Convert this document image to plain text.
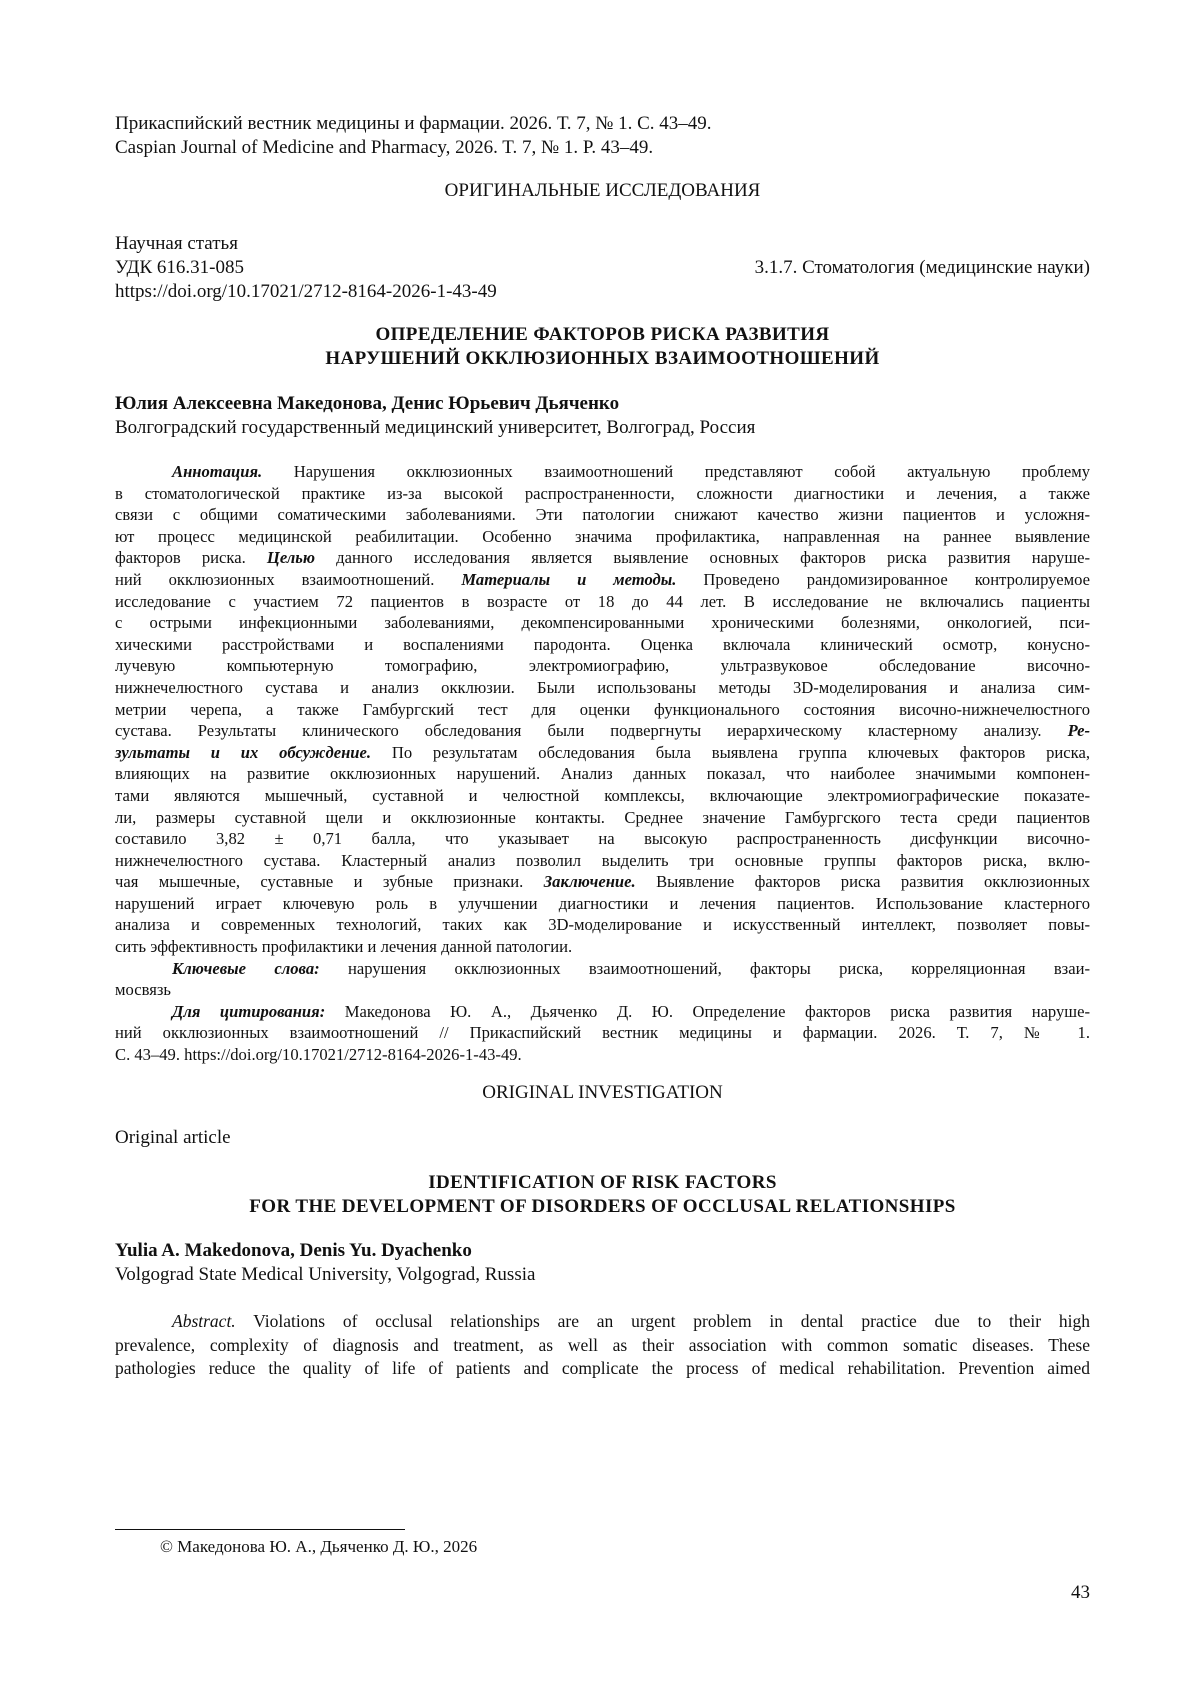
Прикаспийский вестник медицины и фармации. 2026. Т. 7, № 1. С. 43–49.
Caspian Journal of Medicine and Pharmacy, 2026. T. 7, № 1. P. 43–49.
ОРИГИНАЛЬНЫЕ ИССЛЕДОВАНИЯ
Научная статья
УДК 616.31-085	3.1.7. Стоматология (медицинские науки)
https://doi.org/10.17021/2712-8164-2026-1-43-49
ОПРЕДЕЛЕНИЕ ФАКТОРОВ РИСКА РАЗВИТИЯ
НАРУШЕНИЙ ОККЛЮЗИОННЫХ ВЗАИМООТНОШЕНИЙ
Юлия Алексеевна Македонова, Денис Юрьевич Дьяченко
Волгоградский государственный медицинский университет, Волгоград, Россия
Аннотация. Нарушения окклюзионных взаимоотношений представляют собой актуальную проблему
в стоматологической практике из-за высокой распространенности, сложности диагностики и лечения, а также
связи с общими соматическими заболеваниями. Эти патологии снижают качество жизни пациентов и усложня-
ют процесс медицинской реабилитации. Особенно значима профилактика, направленная на раннее выявление
факторов риска. Целью данного исследования является выявление основных факторов риска развития наруше-
ний окклюзионных взаимоотношений. Материалы и методы. Проведено рандомизированное контролируемое
исследование с участием 72 пациентов в возрасте от 18 до 44 лет. В исследование не включались пациенты
с острыми инфекционными заболеваниями, декомпенсированными хроническими болезнями, онкологией, пси-
хическими расстройствами и воспалениями пародонта. Оценка включала клинический осмотр, конусно-
лучевую компьютерную томографию, электромиографию, ультразвуковое обследование височно-
нижнечелюстного сустава и анализ окклюзии. Были использованы методы 3D-моделирования и анализа сим-
метрии черепа, а также Гамбургский тест для оценки функционального состояния височно-нижнечелюстного
сустава. Результаты клинического обследования были подвергнуты иерархическому кластерному анализу. Ре-
зультаты и их обсуждение. По результатам обследования была выявлена группа ключевых факторов риска,
влияющих на развитие окклюзионных нарушений. Анализ данных показал, что наиболее значимыми компонен-
тами являются мышечный, суставной и челюстной комплексы, включающие электромиографические показате-
ли, размеры суставной щели и окклюзионные контакты. Среднее значение Гамбургского теста среди пациентов
составило 3,82 ± 0,71 балла, что указывает на высокую распространенность дисфункции височно-
нижнечелюстного сустава. Кластерный анализ позволил выделить три основные группы факторов риска, вклю-
чая мышечные, суставные и зубные признаки. Заключение. Выявление факторов риска развития окклюзионных
нарушений играет ключевую роль в улучшении диагностики и лечения пациентов. Использование кластерного
анализа и современных технологий, таких как 3D-моделирование и искусственный интеллект, позволяет повы-
сить эффективность профилактики и лечения данной патологии.
Ключевые слова: нарушения окклюзионных взаимоотношений, факторы риска, корреляционная взаи-
мосвязь
Для цитирования: Македонова Ю. А., Дьяченко Д. Ю. Определение факторов риска развития наруше-
ний окклюзионных взаимоотношений // Прикаспийский вестник медицины и фармации. 2026. Т. 7, № 1.
С. 43–49. https://doi.org/10.17021/2712-8164-2026-1-43-49.
ORIGINAL INVESTIGATION
Original article
IDENTIFICATION OF RISK FACTORS
FOR THE DEVELOPMENT OF DISORDERS OF OCCLUSAL RELATIONSHIPS
Yulia A. Makedonova, Denis Yu. Dyachenko
Volgograd State Medical University, Volgograd, Russia
Abstract. Violations of occlusal relationships are an urgent problem in dental practice due to their high
prevalence, complexity of diagnosis and treatment, as well as their association with common somatic diseases. These
pathologies reduce the quality of life of patients and complicate the process of medical rehabilitation. Prevention aimed
© Македонова Ю. А., Дьяченко Д. Ю., 2026
43
